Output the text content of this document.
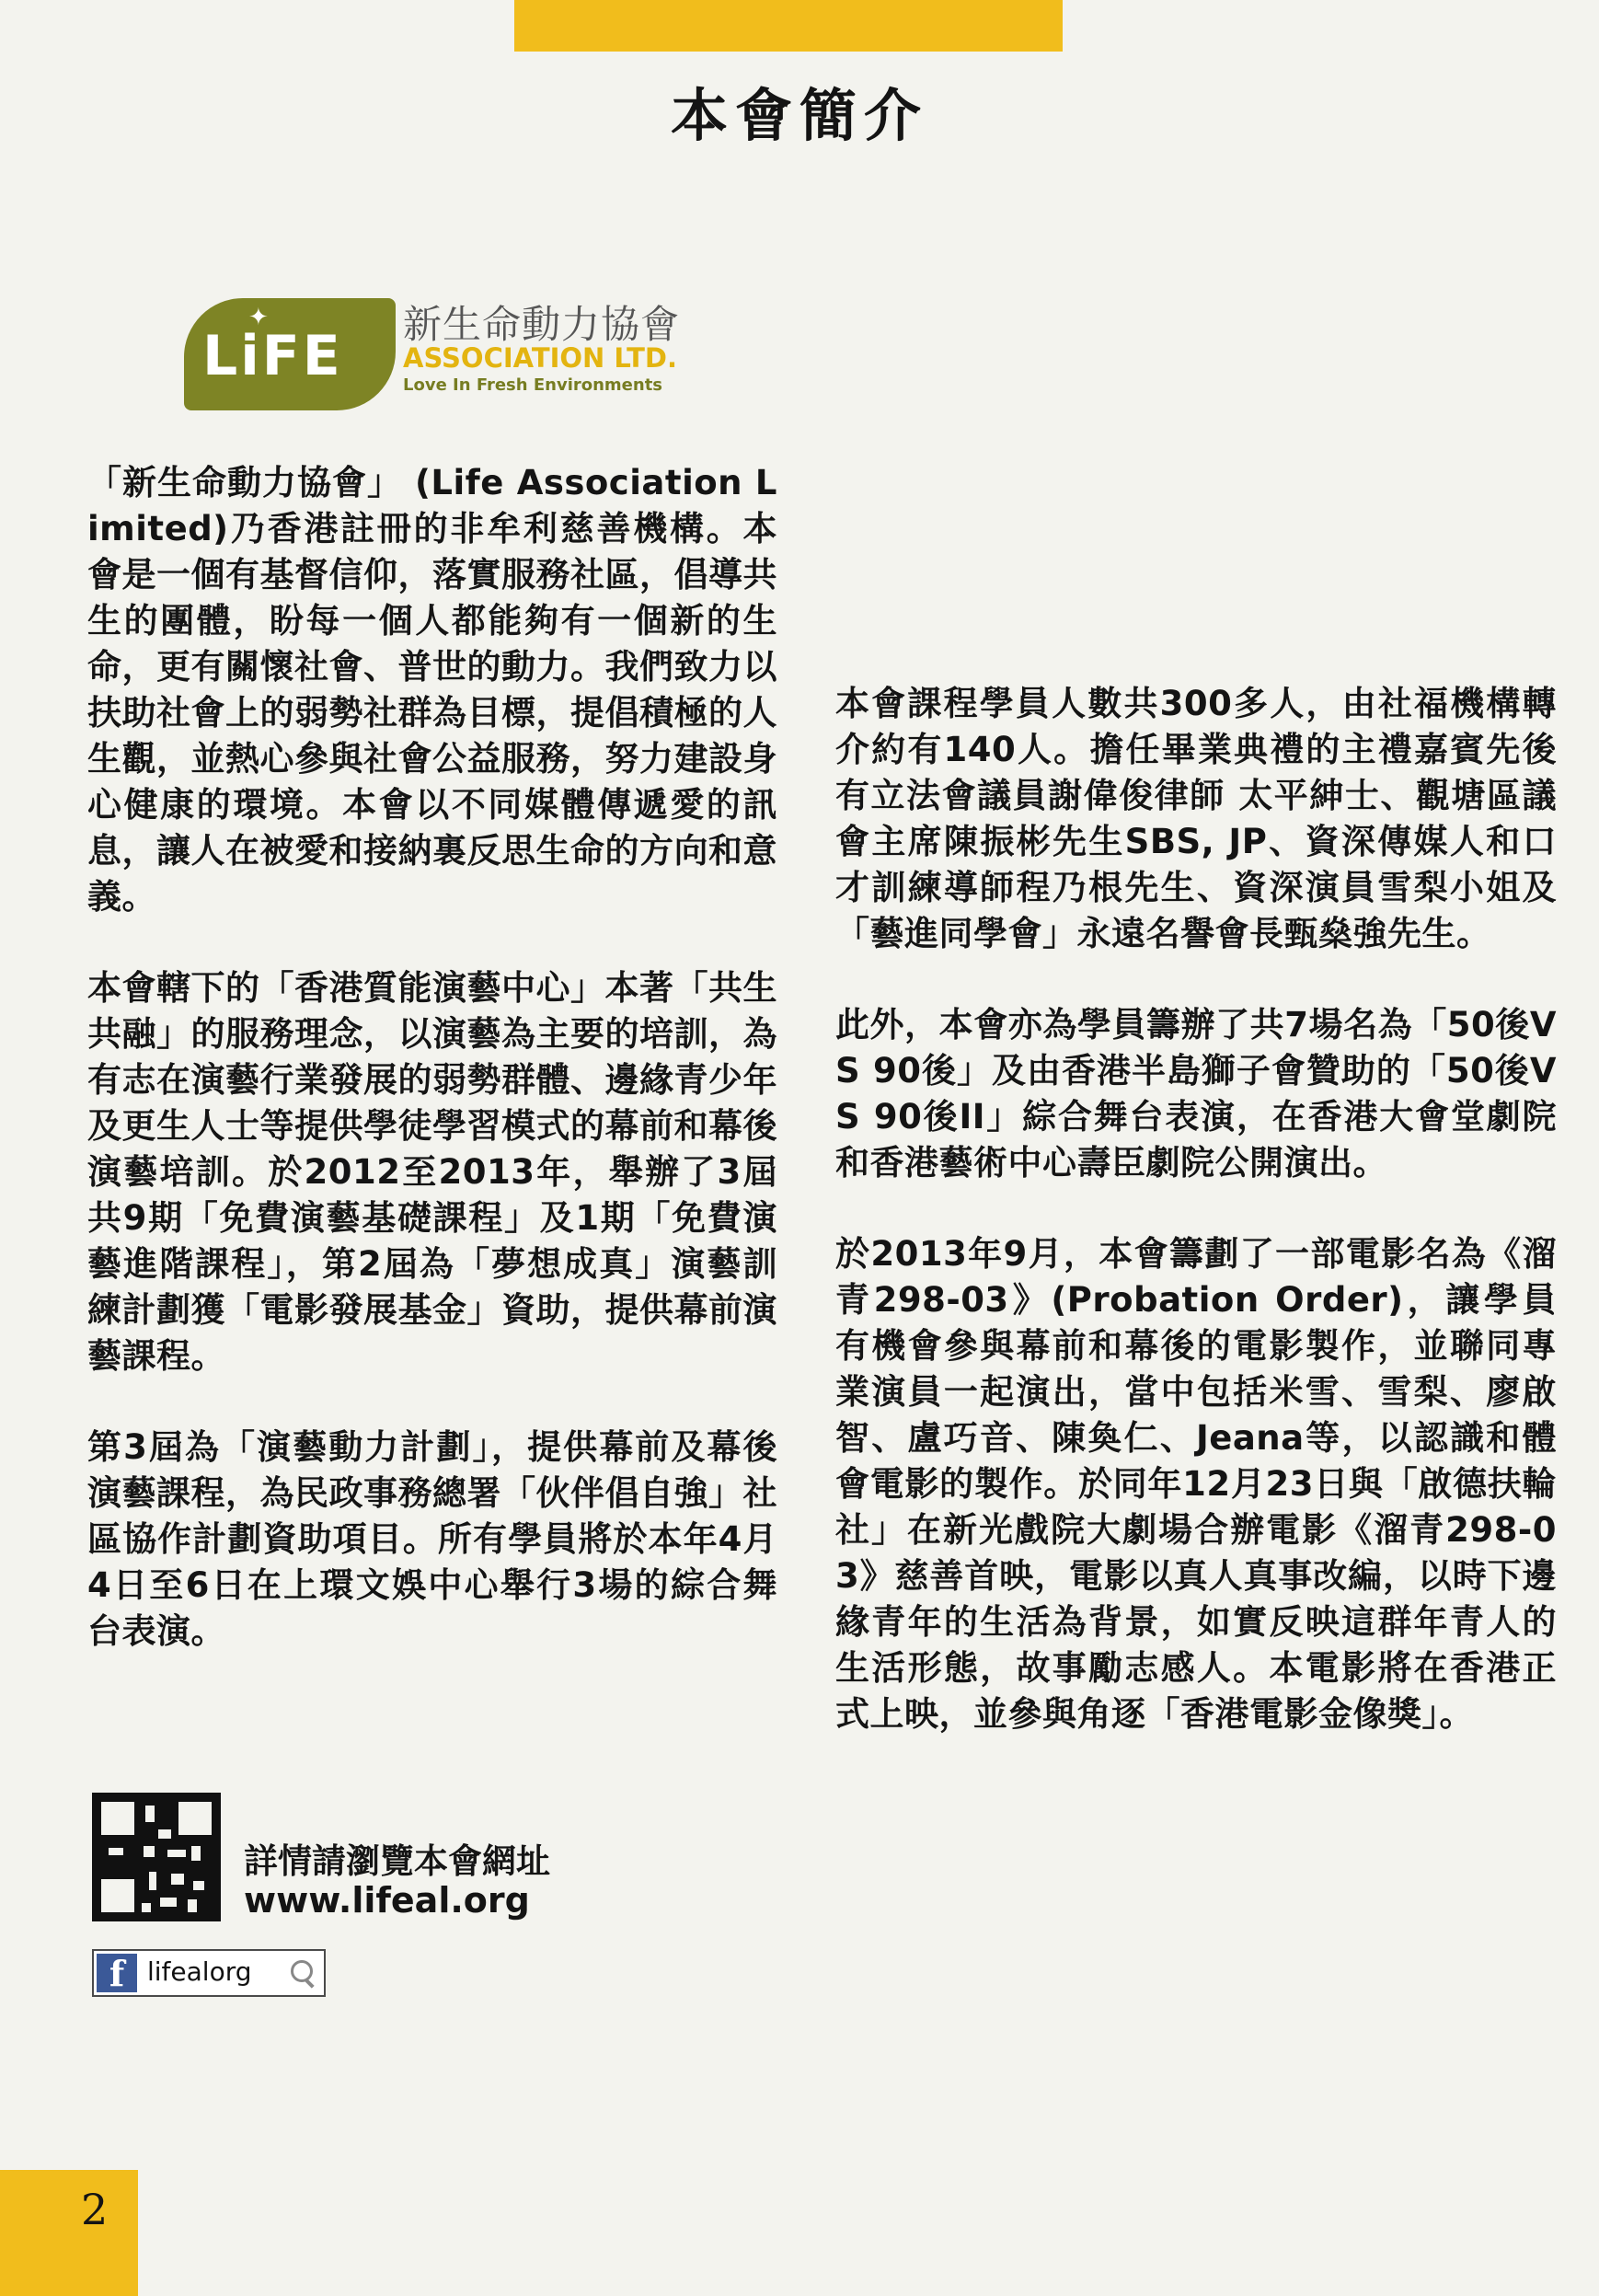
本會簡介
✦
LiFE 新生命動力協會
ASSOCIATION LTD.
Love In Fresh Environments

「新生命動力協會」 (Life Association Limited)乃香港註冊的非牟利慈善機構。本會是一個有基督信仰，落實服務社區，倡導共生的團體，盼每一個人都能夠有一個新的生命，更有關懷社會、普世的動力。我們致力以扶助社會上的弱勢社群為目標，提倡積極的人生觀，並熱心參與社會公益服務，努力建設身心健康的環境。本會以不同媒體傳遞愛的訊息，讓人在被愛和接納裏反思生命的方向和意義。

本會轄下的「香港質能演藝中心」本著「共生共融」的服務理念，以演藝為主要的培訓，為有志在演藝行業發展的弱勢群體、邊緣青少年及更生人士等提供學徒學習模式的幕前和幕後演藝培訓。於2012至2013年，舉辦了3屆共9期「免費演藝基礎課程」及1期「免費演藝進階課程」，第2屆為「夢想成真」演藝訓練計劃獲「電影發展基金」資助，提供幕前演藝課程。

第3屆為「演藝動力計劃」，提供幕前及幕後演藝課程，為民政事務總署「伙伴倡自強」社區協作計劃資助項目。所有學員將於本年4月4日至6日在上環文娛中心舉行3場的綜合舞台表演。

本會課程學員人數共300多人，由社福機構轉介約有140人。擔任畢業典禮的主禮嘉賓先後有立法會議員謝偉俊律師 太平紳士、觀塘區議會主席陳振彬先生SBS, JP、資深傳媒人和口才訓練導師程乃根先生、資深演員雪梨小姐及「藝進同學會」永遠名譽會長甄燊強先生。

此外，本會亦為學員籌辦了共7場名為「50後VS 90後」及由香港半島獅子會贊助的「50後VS 90後II」綜合舞台表演，在香港大會堂劇院和香港藝術中心壽臣劇院公開演出。

於2013年9月，本會籌劃了一部電影名為《溜青298-03》(Probation Order)，讓學員有機會參與幕前和幕後的電影製作，並聯同專業演員一起演出，當中包括米雪、雪梨、廖啟智、盧巧音、陳奐仁、Jeana等，以認識和體會電影的製作。於同年12月23日與「啟德扶輪社」在新光戲院大劇場合辦電影《溜青298-03》慈善首映，電影以真人真事改編，以時下邊緣青年的生活為背景，如實反映這群年青人的生活形態，故事勵志感人。本電影將在香港正式上映，並參與角逐「香港電影金像獎」。

詳情請瀏覽本會網址
www.lifeal.org
f lifealorg
2
